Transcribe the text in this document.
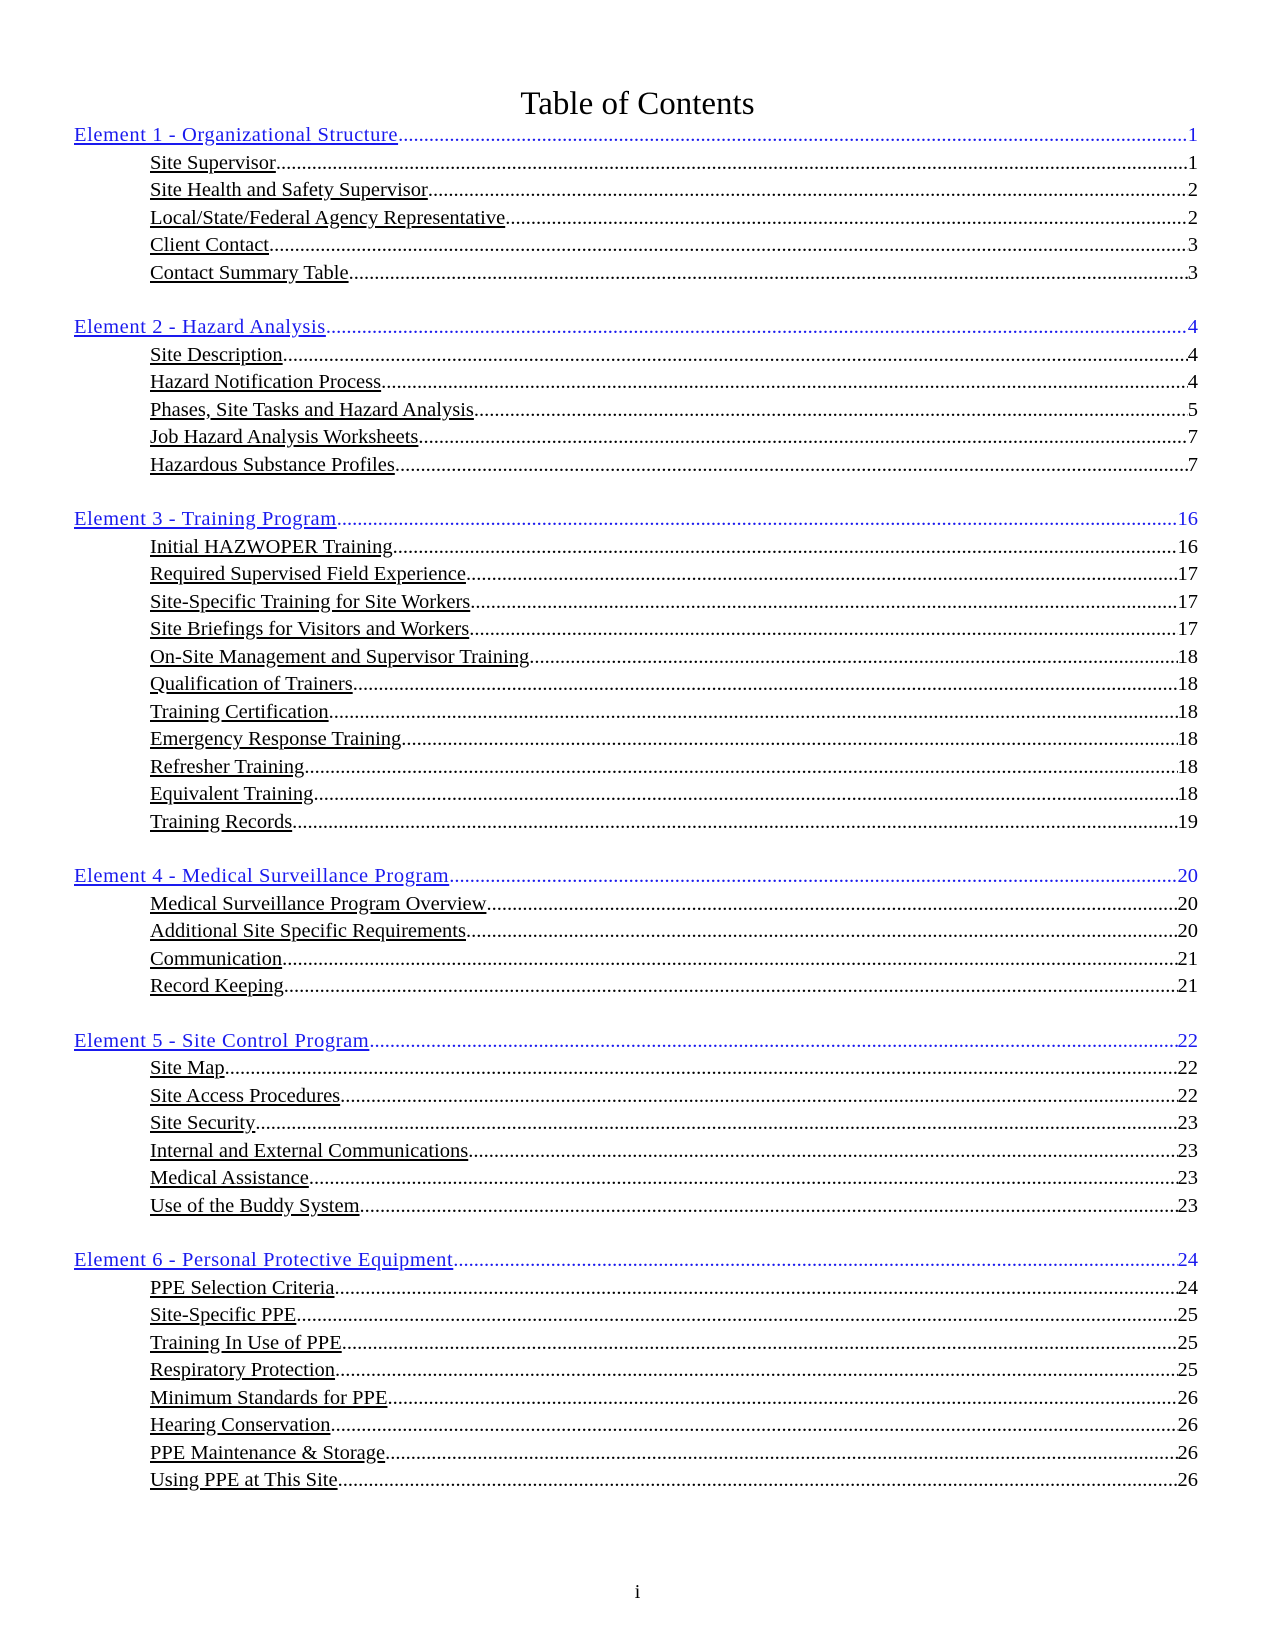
Table of Contents
Element 1 - Organizational Structure .....	1
Site Supervisor .....	1
Site Health and Safety Supervisor .....	2
Local/State/Federal Agency Representative .....	2
Client Contact .....	3
Contact Summary Table .....	3
Element 2 - Hazard Analysis .....	4
Site Description .....	4
Hazard Notification Process .....	4
Phases, Site Tasks and Hazard Analysis .....	5
Job Hazard Analysis Worksheets .....	7
Hazardous Substance Profiles .....	7
Element 3 - Training Program .....	16
Initial HAZWOPER Training .....	16
Required Supervised Field Experience .....	17
Site-Specific Training for Site Workers .....	17
Site Briefings for Visitors and Workers .....	17
On-Site Management and Supervisor Training .....	18
Qualification of Trainers .....	18
Training Certification .....	18
Emergency Response Training .....	18
Refresher Training .....	18
Equivalent Training .....	18
Training Records .....	19
Element 4 - Medical Surveillance Program .....	20
Medical Surveillance Program Overview .....	20
Additional Site Specific Requirements .....	20
Communication .....	21
Record Keeping .....	21
Element 5 - Site Control Program .....	22
Site Map .....	22
Site Access Procedures .....	22
Site Security .....	23
Internal and External Communications .....	23
Medical Assistance .....	23
Use of the Buddy System .....	23
Element 6 - Personal Protective Equipment .....	24
PPE Selection Criteria .....	24
Site-Specific PPE .....	25
Training In Use of PPE .....	25
Respiratory Protection .....	25
Minimum Standards for PPE .....	26
Hearing Conservation .....	26
PPE Maintenance & Storage .....	26
Using PPE at This Site .....	26
i
